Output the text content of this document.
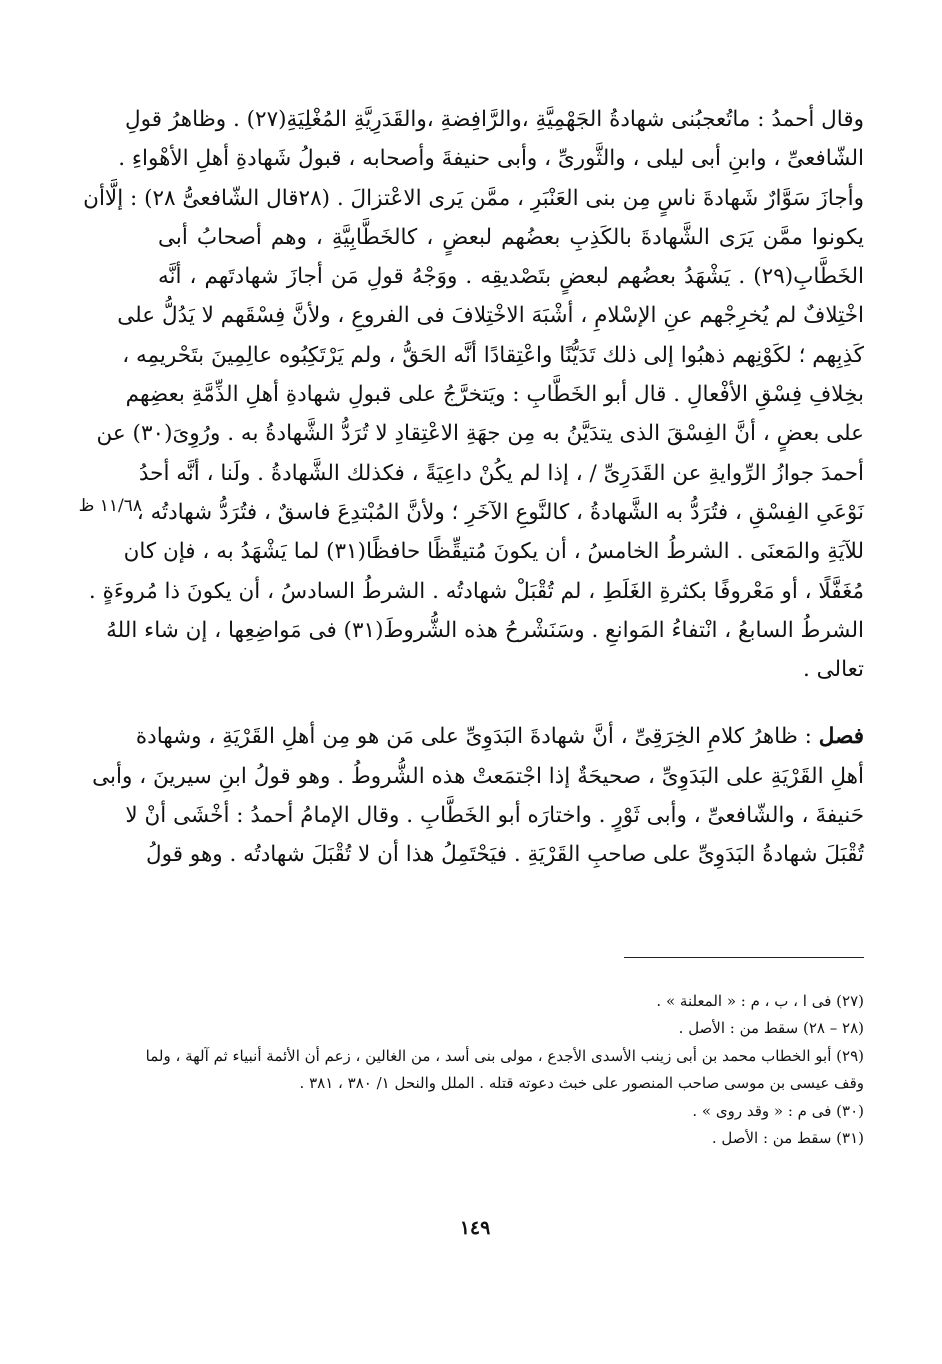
وقال أحمدُ : ماتُعجبُنى شهادةُ الجَهْمِيَّةِ ،والرَّافِضةِ ،والقَدَرِيَّةِ المُغْلِيَةِ(٢٧) . وظاهرُ قولِ
الشّافعىِّ ، وابنِ أبى ليلى ، والثَّورىِّ ، وأبى حنيفةَ وأصحابه ، قبولُ شَهادةِ أهلِ الأهْواءِ .
وأجازَ سَوَّارٌ شَهادةَ ناسٍ مِن بنى العَنْبَرِ ، ممَّن يَرى الاعْتزالَ . (٢٨قال الشّافعىُّ ٢٨) : إلَّاأن
يكونوا ممَّن يَرَى الشَّهادةَ بالكَذِبِ بعضُهم لبعضٍ ، كالخَطَّابِيَّةِ ، وهم أصحابُ أبى
الخَطَّابِ(٢٩) . يَشْهَدُ بعضُهم لبعضٍ بتَصْديقِه . ووَجْهُ قولِ مَن أجازَ شهادتَهم ، أنَّه
اخْتِلافٌ لم يُخرِجْهم عنِ الإسْلامِ ، أشْبَهَ الاخْتِلافَ فى الفروعِ ، ولأنَّ فِسْقَهم لا يَدُلُّ على
كَذِبِهم ؛ لكَوْنِهم ذهبُوا إلى ذلك تَدَيُّنًا واعْتِقادًا أنَّه الحَقُّ ، ولم يَرْتَكِبُوه عالِمِينَ بتَحْريمِه ،
بخِلافِ فِسْقِ الأفْعالِ . قال أبو الخَطَّابِ : ويَتخرَّجُ على قبولِ شهادةِ أهلِ الذِّمَّةِ بعضِهم
على بعضٍ ، أنَّ الفِسْقَ الذى يتدَيَّنُ به مِن جهَةِ الاعْتِقادِ لا تُرَدُّ الشَّهادةُ به . ورُوِىَ(٣٠) عن
أحمدَ جوازُ الرِّوايةِ عن القَدَرِىِّ / ، إذا لم يكُنْ داعِيَةً ، فكذلك الشَّهادةُ . ولَنا ، أنَّه أحدُ
نَوْعَىِ الفِسْقِ ، فتُرَدُّ به الشَّهادةُ ، كالنَّوعِ الآخَرِ ؛ ولأنَّ المُبْتدِعَ فاسقٌ ، فتُرَدُّ شهادتُه ،
للآيَةِ والمَعنَى . الشرطُ الخامسُ ، أن يكونَ مُتيقِّظًا حافظًا(٣١) لما يَشْهَدُ به ، فإن كان
مُغَفَّلًا ، أو مَعْروفًا بكثرةِ الغَلَطِ ، لم تُقْبَلْ شهادتُه . الشرطُ السادسُ ، أن يكونَ ذا مُروءَةٍ .
الشرطُ السابعُ ، انْتفاءُ المَوانعِ . وسَنَشْرحُ هذه الشُّروطَ(٣١) فى مَواضِعِها ، إن شاء اللهُ
تعالى .
فصل : ظاهرُ كلامِ الخِرَقِىِّ ، أنَّ شهادةَ البَدَوِىِّ على مَن هو مِن أهلِ القَرْيَةِ ، وشهادة
أهلِ القَرْيَةِ على البَدَوِىِّ ، صحيحَةٌ إذا اجْتمَعتْ هذه الشُّروطُ . وهو قولُ ابنِ سيرينَ ، وأبى
حَنيفةَ ، والشّافعىِّ ، وأبى ثَوْرٍ . واختارَه أبو الخَطَّابِ . وقال الإمامُ أحمدُ : أخْشَى أنْ لا
تُقْبَلَ شهادةُ البَدَوِىِّ على صاحبِ القَرْيَةِ . فيَحْتَمِلُ هذا أن لا تُقْبَلَ شهادتُه . وهو قولُ
١١/٦٨ ظ
(٢٧) فى ا ، ب ، م : « المعلنة » .
(٢٨ – ٢٨) سقط من : الأصل .
(٢٩) أبو الخطاب محمد بن أبى زينب الأسدى الأجدع ، مولى بنى أسد ، من الغالين ، زعم أن الأئمة أنبياء ثم آلهة ، ولما
وقف عيسى بن موسى صاحب المنصور على خبث دعوته قتله . الملل والنحل ١/ ٣٨٠ ، ٣٨١ .
(٣٠) فى م : « وقد روى » .
(٣١) سقط من : الأصل .
١٤٩
